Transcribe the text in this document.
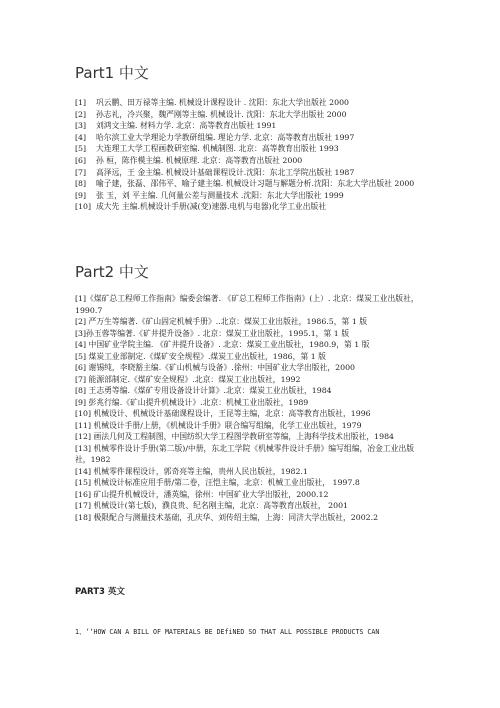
Part1 中文
[1]	巩云鹏、田万禄等主编. 机械设计课程设计 . 沈阳：东北大学出版社 2000
[2]	孙志礼，冷兴聚，魏严刚等主编. 机械设计. 沈阳：东北大学出版社 2000
[3]	刘鸿文主编. 材料力学. 北京：高等教育出版社 1991
[4]	哈尔滨工业大学理论力学教研组编. 理论力学. 北京：高等教育出版社 1997
[5]	大连理工大学工程画教研室编. 机械制图. 北京：高等教育出版社 1993
[6]	孙 桓，陈作模主编. 机械原理. 北京：高等教育出版社 2000
[7]	高泽远，王 金主编. 机械设计基础课程设计.沈阳：东北工学院出版社 1987
[8]	喻子建，张磊、邵伟平、喻子建主编. 机械设计习题与解题分析.沈阳：东北大学出版社 2000
[9]	张 玉，刘 平主编. 几何量公差与测量技术 .沈阳：东北大学出版社 1999
[10] 成大先 主编.机械设计手册(减(变)速器.电机与电器)化学工业出版社
Part2 中文
[1]《煤矿总工程师工作指南》编委会编著. 《矿总工程师工作指南》(上）. 北京：煤炭工业出版社，1990.7
[2] 严万生等编著.《矿山固定机械手册》..北京：煤炭工业出版社，1986.5，第 1 版
[3]孙玉蓉等编著.《矿井提升设备》. 北京：煤炭工业出版社，1995.1，第 1 版
[4] 中国矿业学院主编. 《矿井提升设备》. 北京：煤炭工业出版社，1980.9，第 1 版
[5] 煤炭工业部制定.《煤矿安全规程》.煤炭工业出版社，1986，第 1 版
[6] 谢锡纯，李晓豁主编.《矿山机械与设备》.徐州：中国矿业大学出版社，2000
[7] 能源部制定.《煤矿安全规程》.北京：煤炭工业出版社，1992
[8] 王志勇等编.《煤矿专用设备设计计算》.北京：煤炭工业出版社，1984
[9] 彭兆行编.《矿山提升机械设计》.北京：机械工业出版社，1989
[10] 机械设计、机械设计基础课程设计，王昆等主编，北京：高等教育出版社，1996
[11] 机械设计手册/上册，《机械设计手册》联合编写组编，化学工业出版社，1979
[12] 画法几何及工程制图，中国纺织大学工程图学教研室等编，上海科学技术出版社，1984
[13] 机械零件设计手册(第二版)/中册，东北工学院《机械零件设计手册》编写组编，冶金工业出版社，1982
[14] 机械零件课程设计，郭奇亮等主编，贵州人民出版社，1982.1
[15] 机械设计标准应用手册/第二卷，汪恺主编，北京：机械工业出版社， 1997.8
[16] 矿山提升机械设计，潘英编，徐州：中国矿业大学出版社，2000.12
[17] 机械设计(第七版)，濮良贵、纪名刚主编，北京：高等教育出版社， 2001
[18] 极限配合与测量技术基础，孔庆华、刘传绍主编，上海：同济大学出版社，2002.2
PART3 英文
1、‘‘HOW CAN A BILL OF MATERIALS BE DEfiNED SO THAT ALL POSSIBLE PRODUCTS CAN
